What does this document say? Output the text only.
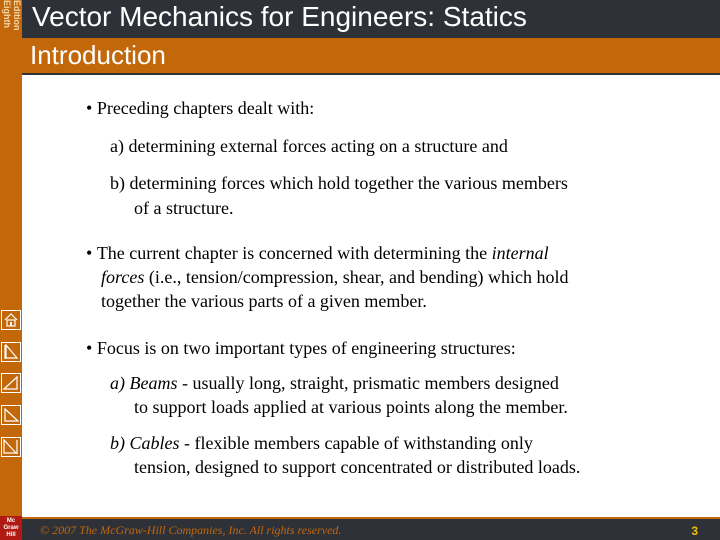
Eighth Edition
Mc
Graw
Hill
Vector Mechanics for Engineers: Statics
Introduction
• Preceding chapters dealt with:
a) determining external forces acting on a structure and
b) determining forces which hold together the various members
of a structure.
• The current chapter is concerned with determining the internal
forces (i.e., tension/compression, shear, and bending) which hold
together the various parts of a given member.
• Focus is on two important types of engineering structures:
a) Beams - usually long, straight, prismatic members designed
to support loads applied at various points along the member.
b) Cables - flexible members capable of withstanding only
tension, designed to support concentrated or distributed loads.
© 2007 The McGraw-Hill Companies, Inc. All rights reserved.	3
